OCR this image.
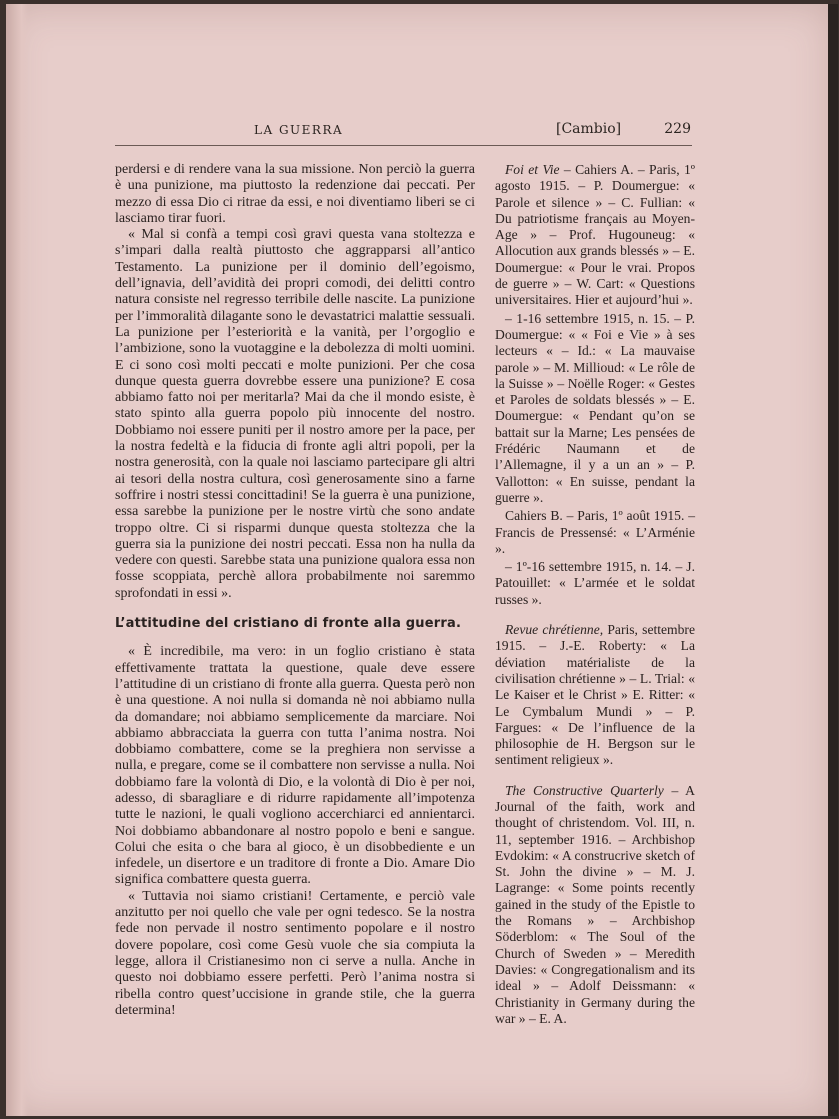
LA GUERRA	[Cambio]	229

perdersi e di rendere vana la sua missione. Non perciò la guerra è una punizione, ma piuttosto la redenzione dai peccati. Per mezzo di essa Dio ci ritrae da essi, e noi diventiamo liberi se ci lasciamo tirar fuori.

« Mal si confà a tempi così gravi questa vana stoltezza e s’impari dalla realtà piuttosto che aggrapparsi all’antico Testamento. La punizione per il dominio dell’egoismo, dell’ignavia, dell’avidità dei propri comodi, dei delitti contro natura consiste nel regresso terribile delle nascite. La punizione per l’immoralità dilagante sono le devastatrici malattie sessuali. La punizione per l’esteriorità e la vanità, per l’orgoglio e l’ambizione, sono la vuotaggine e la debolezza di molti uomini. E ci sono così molti peccati e molte punizioni. Per che cosa dunque questa guerra dovrebbe essere una punizione? E cosa abbiamo fatto noi per meritarla? Mai da che il mondo esiste, è stato spinto alla guerra popolo più innocente del nostro. Dobbiamo noi essere puniti per il nostro amore per la pace, per la nostra fedeltà e la fiducia di fronte agli altri popoli, per la nostra generosità, con la quale noi lasciamo partecipare gli altri ai tesori della nostra cultura, così generosamente sino a farne soffrire i nostri stessi concittadini! Se la guerra è una punizione, essa sarebbe la punizione per le nostre virtù che sono andate troppo oltre. Ci si risparmi dunque questa stoltezza che la guerra sia la punizione dei nostri peccati. Essa non ha nulla da vedere con questi. Sarebbe stata una punizione qualora essa non fosse scoppiata, perchè allora probabilmente noi saremmo sprofondati in essi ».

L’attitudine del cristiano di fronte alla guerra.

« È incredibile, ma vero: in un foglio cristiano è stata effettivamente trattata la questione, quale deve essere l’attitudine di un cristiano di fronte alla guerra. Questa però non è una questione. A noi nulla si domanda nè noi abbiamo nulla da domandare; noi abbiamo semplicemente da marciare. Noi abbiamo abbracciata la guerra con tutta l’anima nostra. Noi dobbiamo combattere, come se la preghiera non servisse a nulla, e pregare, come se il combattere non servisse a nulla. Noi dobbiamo fare la volontà di Dio, e la volontà di Dio è per noi, adesso, di sbaragliare e di ridurre rapidamente all’impotenza tutte le nazioni, le quali vogliono accerchiarci ed annientarci. Noi dobbiamo abbandonare al nostro popolo e beni e sangue. Colui che esita o che bara al gioco, è un disobbediente e un infedele, un disertore e un traditore di fronte a Dio. Amare Dio significa combattere questa guerra.

« Tuttavia noi siamo cristiani! Certamente, e perciò vale anzitutto per noi quello che vale per ogni tedesco. Se la nostra fede non pervade il nostro sentimento popolare e il nostro dovere popolare, così come Gesù vuole che sia compiuta la legge, allora il Cristianesimo non ci serve a nulla. Anche in questo noi dobbiamo essere perfetti. Però l’anima nostra si ribella contro quest’uccisione in grande stile, che la guerra determina!

Foi et Vie – Cahiers A. – Paris, 1º agosto 1915. – P. Doumergue: « Parole et silence » – C. Fullian: « Du patriotisme français au Moyen-Age » – Prof. Hugouneug: « Allocution aux grands blessés » – E. Doumergue: « Pour le vrai. Propos de guerre » – W. Cart: « Questions universitaires. Hier et aujourd’hui ».

– 1-16 settembre 1915, n. 15. – P. Doumergue: « « Foi e Vie » à ses lecteurs « – Id.: « La mauvaise parole » – M. Millioud: « Le rôle de la Suisse » – Noëlle Roger: « Gestes et Paroles de soldats blessés » – E. Doumergue: « Pendant qu’on se battait sur la Marne; Les pensées de Frédéric Naumann et de l’Allemagne, il y a un an » – P. Vallotton: « En suisse, pendant la guerre ».

Cahiers B. – Paris, 1º août 1915. – Francis de Pressensé: « L’Arménie ».

– 1º-16 settembre 1915, n. 14. – J. Patouillet: « L’armée et le soldat russes ».

Revue chrétienne, Paris, settembre 1915. – J.-E. Roberty: « La déviation matérialiste de la civilisation chrétienne » – L. Trial: « Le Kaiser et le Christ » E. Ritter: « Le Cymbalum Mundi » – P. Fargues: « De l’influence de la philosophie de H. Bergson sur le sentiment religieux ».

The Constructive Quarterly – A Journal of the faith, work and thought of christendom. Vol. III, n. 11, september 1916. – Archbishop Evdokim: « A construcrive sketch of St. John the divine » – M. J. Lagrange: « Some points recently gained in the study of the Epistle to the Romans » – Archbishop Söderblom: « The Soul of the Church of Sweden » – Meredith Davies: « Congregationalism and its ideal » – Adolf Deissmann: « Christianity in Germany during the war » – E. A.
